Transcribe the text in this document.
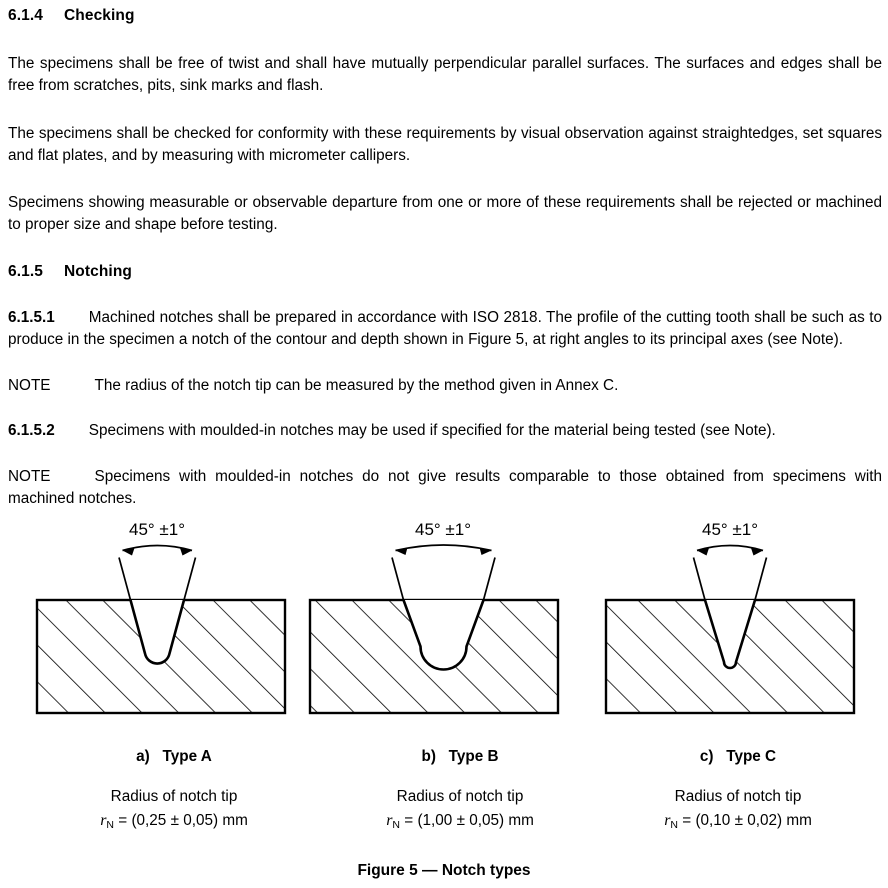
6.1.4 Checking

The specimens shall be free of twist and shall have mutually perpendicular parallel surfaces. The surfaces and edges shall be free from scratches, pits, sink marks and flash.

The specimens shall be checked for conformity with these requirements by visual observation against straightedges, set squares and flat plates, and by measuring with micrometer callipers.

Specimens showing measurable or observable departure from one or more of these requirements shall be rejected or machined to proper size and shape before testing.

6.1.5 Notching

6.1.5.1 Machined notches shall be prepared in accordance with ISO 2818. The profile of the cutting tooth shall be such as to produce in the specimen a notch of the contour and depth shown in Figure 5, at right angles to its principal axes (see Note).

NOTE	The radius of the notch tip can be measured by the method given in Annex C.

6.1.5.2 Specimens with moulded-in notches may be used if specified for the material being tested (see Note).

NOTE	Specimens with moulded-in notches do not give results comparable to those obtained from specimens with machined notches.

45° ±1°	45° ±1°	45° ±1°

a)   Type A

Radius of notch tip

$r_N = (0,25 \pm 0,05)$ mm

b)   Type B

Radius of notch tip

$r_N = (1,00 \pm 0,05)$ mm

c)   Type C

Radius of notch tip

$r_N = (0,10 \pm 0,02)$ mm

Figure 5 — Notch types
